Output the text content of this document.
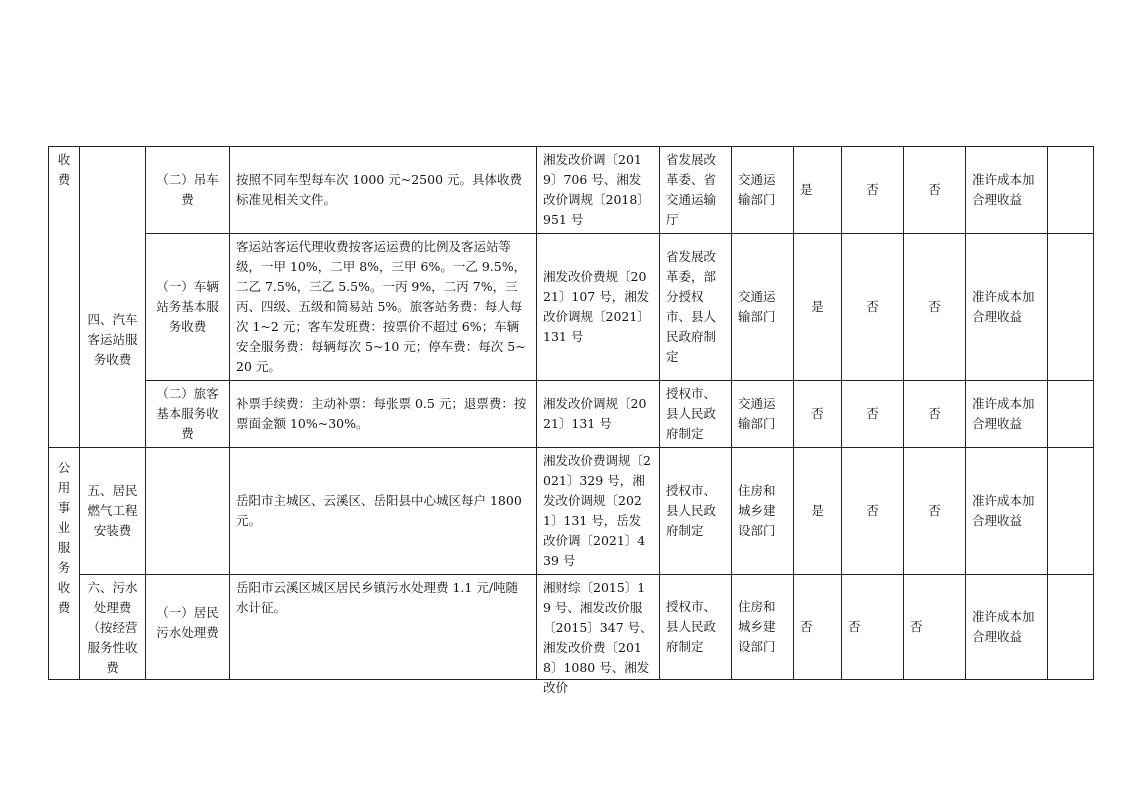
收费		（二）吊车费	按照不同车型每车次 1000 元~2500 元。具体收费标准见相关文件。	湘发改价调〔2019〕706 号、湘发改价调规〔2018〕951 号	省发展改革委、省交通运输厅	交通运输部门	是	否	否	准许成本加合理收益	
	四、汽车客运站服务收费	（一）车辆站务基本服务收费	客运站客运代理收费按客运运费的比例及客运站等级，一甲 10%，二甲 8%，三甲 6%。一乙 9.5%，二乙 7.5%，三乙 5.5%。一丙 9%，二丙 7%，三丙、四级、五级和简易站 5%。旅客站务费：每人每次 1~2 元；客车发班费：按票价不超过 6%；车辆安全服务费：每辆每次 5~10 元；停车费：每次 5~20 元。	湘发改价费规〔2021〕107 号，湘发改价调规〔2021〕131 号	省发展改革委，部分授权市、县人民政府制定	交通运输部门	是	否	否	准许成本加合理收益	
		（二）旅客基本服务收费	补票手续费：主动补票：每张票 0.5 元；退票费：按票面金额 10%~30%。	湘发改价调规〔2021〕131 号	授权市、县人民政府制定	交通运输部门	否	否	否	准许成本加合理收益	

公用事业服务收费	五、居民燃气工程安装费		岳阳市主城区、云溪区、岳阳县中心城区每户 1800 元。	湘发改价费调规〔2021〕329 号，湘发改价调规〔2021〕131 号，岳发改价调〔2021〕439 号	授权市、县人民政府制定	住房和城乡建设部门	是	否	否	准许成本加合理收益	

	六、污水处理费（按经营服务性收费	（一）居民污水处理费	岳阳市云溪区城区居民乡镇污水处理费 1.1 元/吨随水计征。	湘财综〔2015〕19 号、湘发改价服〔2015〕347 号、湘发改价费〔2018〕1080 号、湘发改价	授权市、县人民政府制定	住房和城乡建设部门	否	否	否	准许成本加合理收益	
